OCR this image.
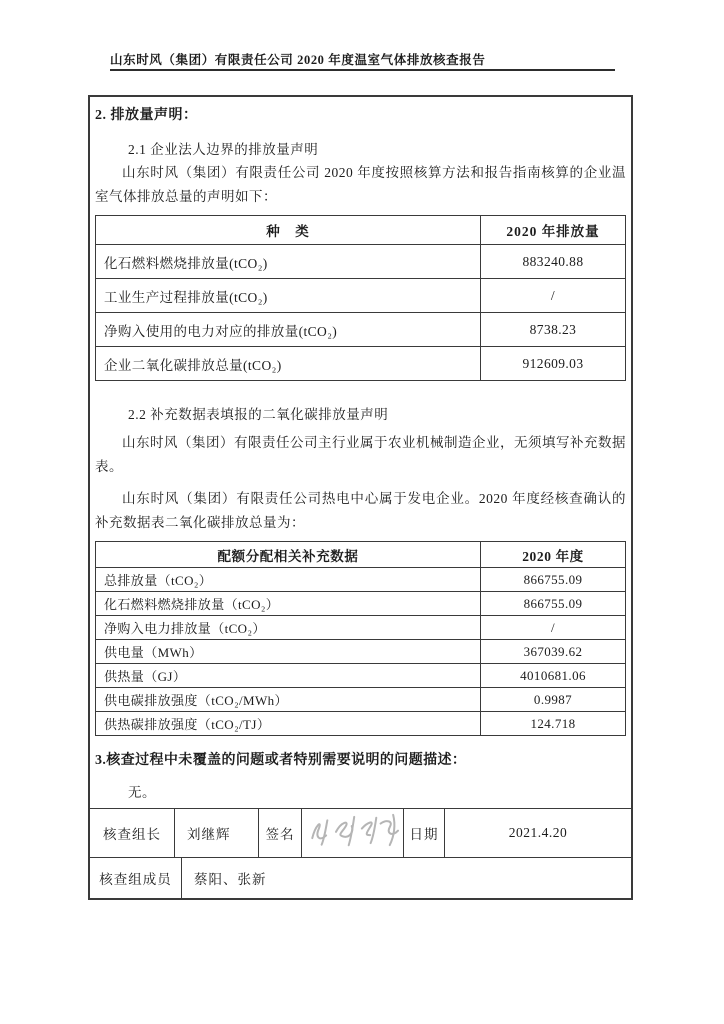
山东时风（集团）有限责任公司 2020 年度温室气体排放核查报告
2. 排放量声明：
2.1 企业法人边界的排放量声明
山东时风（集团）有限责任公司 2020 年度按照核算方法和报告指南核算的企业温室气体排放总量的声明如下：
种　类	2020 年排放量
化石燃料燃烧排放量(tCO₂)	883240.88
工业生产过程排放量(tCO₂)	/
净购入使用的电力对应的排放量(tCO₂)	8738.23
企业二氧化碳排放总量(tCO₂)	912609.03
2.2 补充数据表填报的二氧化碳排放量声明
山东时风（集团）有限责任公司主行业属于农业机械制造企业，无须填写补充数据表。
山东时风（集团）有限责任公司热电中心属于发电企业。2020 年度经核查确认的补充数据表二氧化碳排放总量为：
配额分配相关补充数据	2020 年度
总排放量（tCO₂）	866755.09
化石燃料燃烧排放量（tCO₂）	866755.09
净购入电力排放量（tCO₂）	/
供电量（MWh）	367039.62
供热量（GJ）	4010681.06
供电碳排放强度（tCO₂/MWh）	0.9987
供热碳排放强度（tCO₂/TJ）	124.718
3.核查过程中未覆盖的问题或者特别需要说明的问题描述：
无。
核查组长	刘继辉	签名	日期	2021.4.20
核查组成员	蔡阳、张新
